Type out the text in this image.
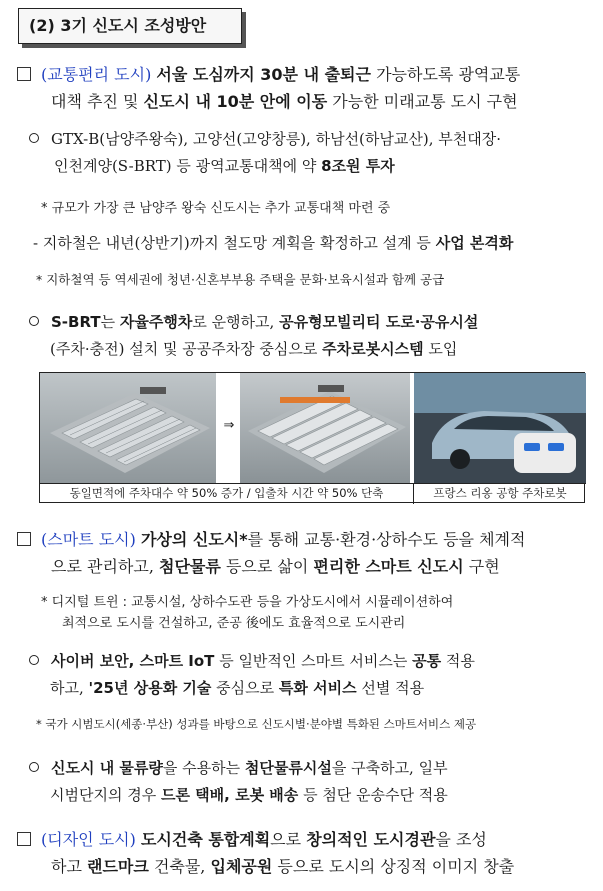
(2) 3기 신도시 조성방안
(교통편리 도시) 서울 도심까지 30분 내 출퇴근 가능하도록 광역교통
대책 추진 및 신도시 내 10분 안에 이동 가능한 미래교통 도시 구현
GTX-B(남양주왕숙), 고양선(고양창릉), 하남선(하남교산), 부천대장·
인천계양(S-BRT) 등 광역교통대책에 약 8조원 투자
* 규모가 가장 큰 남양주 왕숙 신도시는 추가 교통대책 마련 중
- 지하철은 내년(상반기)까지 철도망 계획을 확정하고 설계 등 사업 본격화
* 지하철역 등 역세권에 청년·신혼부부용 주택을 문화·보육시설과 함께 공급
S-BRT는 자율주행차로 운행하고, 공유형모빌리티 도로·공유시설
(주차·충전) 설치 및 공공주차장 중심으로 주차로봇시스템 도입
⇒
동일면적에 주차대수 약 50% 증가 / 입출차 시간 약 50% 단축	프랑스 리옹 공항 주차로봇
(스마트 도시) 가상의 신도시*를 통해 교통·환경·상하수도 등을 체계적
으로 관리하고, 첨단물류 등으로 삶이 편리한 스마트 신도시 구현
* 디지털 트윈 : 교통시설, 상하수도관 등을 가상도시에서 시뮬레이션하여
최적으로 도시를 건설하고, 준공 後에도 효율적으로 도시관리
사이버 보안, 스마트 IoT 등 일반적인 스마트 서비스는 공통 적용
하고, '25년 상용화 기술 중심으로 특화 서비스 선별 적용
* 국가 시범도시(세종·부산) 성과를 바탕으로 신도시별·분야별 특화된 스마트서비스 제공
신도시 내 물류량을 수용하는 첨단물류시설을 구축하고, 일부
시범단지의 경우 드론 택배, 로봇 배송 등 첨단 운송수단 적용
(디자인 도시) 도시건축 통합계획으로 창의적인 도시경관을 조성
하고 랜드마크 건축물, 입체공원 등으로 도시의 상징적 이미지 창출
